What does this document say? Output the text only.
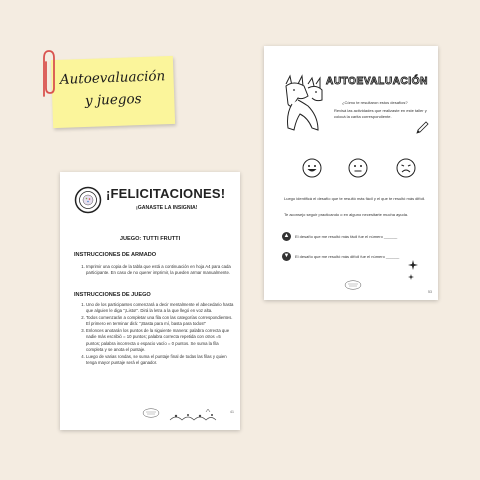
Autoevaluación
y juegos
¡FELICITACIONES!
¡GANASTE LA INSIGNIA!
JUEGO: TUTTI FRUTTI
INSTRUCCIONES DE ARMADO
1. Imprimir una copia de la tabla que está a continuación en hoja A4 para cada participante. En caso de no querer imprimir, la pueden armar manualmente.
INSTRUCCIONES DE JUEGO
1. Uno de los participantes comenzará a decir mentalmente el abecedario hasta que alguien le diga "¡Listo!". Dirá la letra a la que llegó en voz alta.
2. Todos comenzarán a completar una fila con las categorías correspondientes. El primero en terminar dirá: "¡Basta para mí, basta para todos!"
3. Enlonces anotarán los puntos de la siguiente manera: palabra correcta que nadie más escribió = 10 puntos; palabra correcta repetida con otros =5 puntos; palabra incorrecta o espacio vacío = 0 puntos. Se suma la fila completa y se anota el puntaje.
4. Luego de varias rondas, se suma el puntaje final de todas las filas y quien tenga mayor puntaje será el ganador.
41
AUTOEVALUACIÓN
¿Cómo te resultaron estos desafíos?
Revisá las actividades que realizaste en este taller y colocá la carita correspondiente.
Luego identificá el desafío que te resultó más fácil y el que te resultó más difícil.
Te aconsejo seguir practicando o en alguno necesitarte mucha ayuda.
▲	El desafío que me resultó más fácil fue el número ______
▼	El desafío que me resultó más difícil fue el número ______
53
